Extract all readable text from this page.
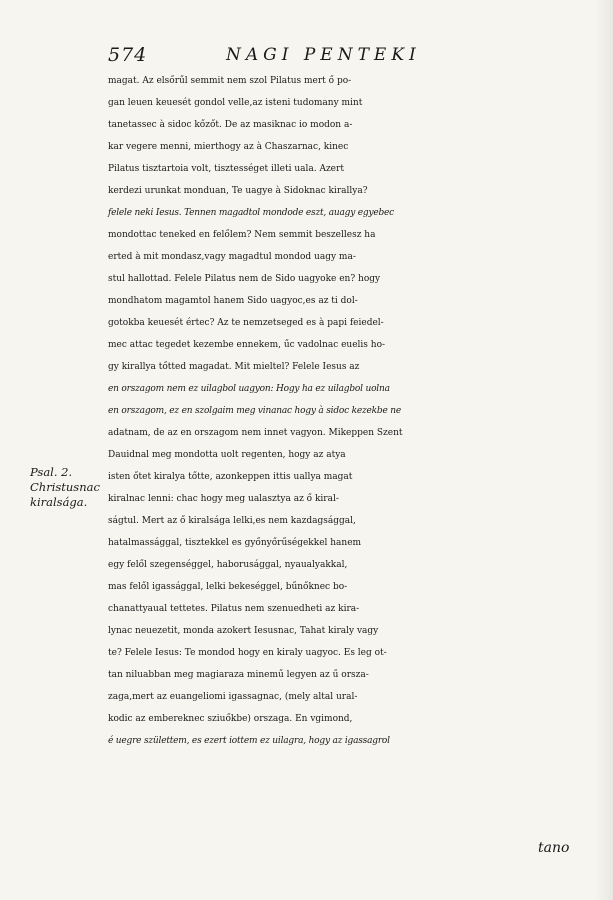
574	NAGI PENTEKI
magat. Az elsőrűl semmit nem szol Pilatus mert ő po-
gan leuen keuesét gondol velle,az isteni tudomany mint
tanetassec à sidoc kőzőt. De az masiknac io modon a-
kar vegere menni, mierthogy az à Chaszarnac, kinec
Pilatus tisztartoia volt, tisztességet illeti uala. Azert
kerdezi urunkat monduan, Te uagye à Sidoknac kirallya?
felele neki Iesus. Tennen magadtol mondode eszt, auagy egyebec
mondottac teneked en felőlem? Nem semmit beszellesz ha
erted à mit mondasz,vagy magadtul mondod uagy ma-
stul hallottad. Felele Pilatus nem de Sido uagyoke en? hogy
mondhatom magamtol hanem Sido uagyoc,es az ti dol-
gotokba keuesét értec? Az te nemzetseged es à papi feiedel-
mec attac tegedet kezembe ennekem, űc vadolnac euelis ho-
gy kirallya tőtted magadat. Mit mieltel? Felele Iesus az
en orszagom nem ez uilagbol uagyon: Hogy ha ez uilagbol uolna
en orszagom, ez en szolgaim meg vinanac hogy à sidoc kezekbe ne
adatnam, de az en orszagom nem innet vagyon. Mikeppen Szent
Dauidnal meg mondotta uolt regenten, hogy az atya
isten őtet kiralya tőtte, azonkeppen ittis uallya magat
kiralnac lenni: chac hogy meg ualasztya az ő kiral-
ságtul. Mert az ő kiralsága lelki,es nem kazdagsággal,
hatalmassággal, tisztekkel es győnyőrűségekkel hanem
egy felől szegenséggel, haborusággal, nyaualyakkal,
mas felől igassággal, lelki bekeséggel, bűnőknec bo-
chanattyaual tettetes. Pilatus nem szenuedheti az kira-
lynac neuezetit, monda azokert Iesusnac, Tahat kiraly vagy
te? Felele Iesus: Te mondod hogy en kiraly uagyoc. Es leg ot-
tan niluabban meg magiaraza minemű legyen az ű orsza-
zaga,mert az euangeliomi igassagnac, (mely altal ural-
kodic az embereknec sziuőkbe) orszaga. En vgimond,
é uegre születtem, es ezert iottem ez uilagra, hogy az igassagrol
Psal. 2.
Christusnac
kiralsága.
tano
